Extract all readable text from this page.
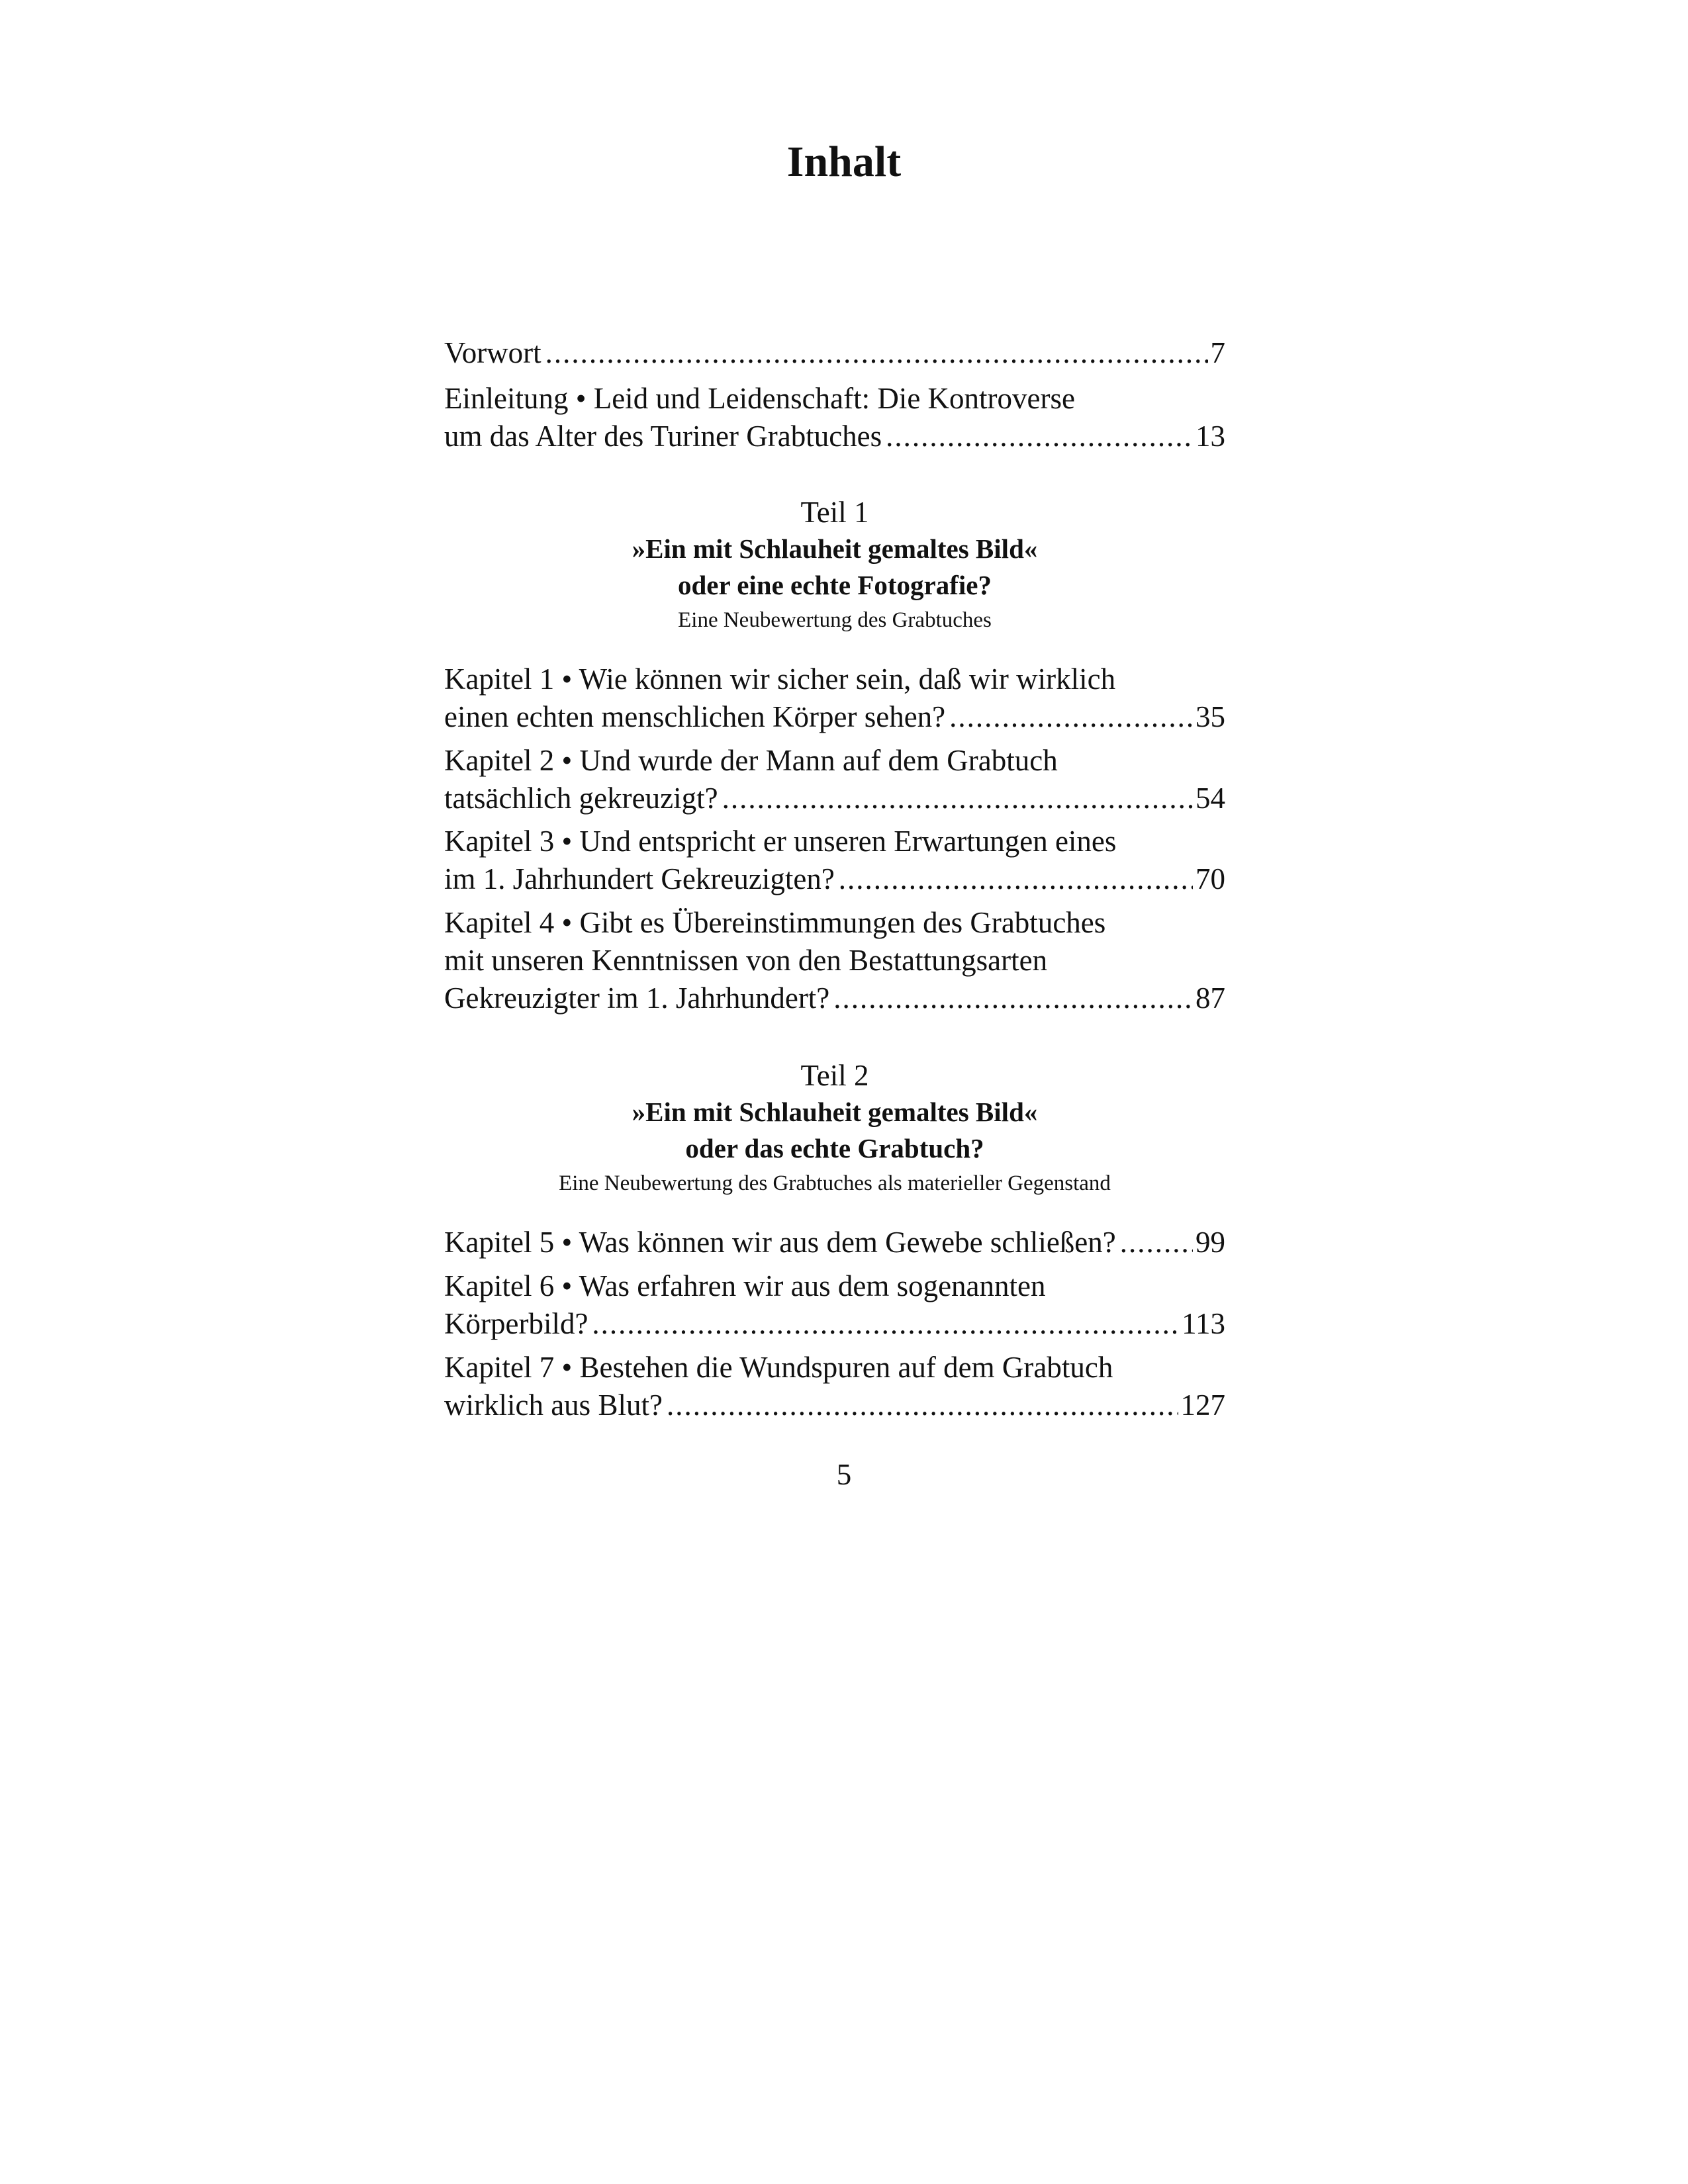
Inhalt
Vorwort .....	7
Einleitung • Leid und Leidenschaft: Die Kontroverse
um das Alter des Turiner Grabtuches .....	13
Teil 1
»Ein mit Schlauheit gemaltes Bild«
oder eine echte Fotografie?
Eine Neubewertung des Grabtuches
Kapitel 1 • Wie können wir sicher sein, daß wir wirklich
einen echten menschlichen Körper sehen? .....	35
Kapitel 2 • Und wurde der Mann auf dem Grabtuch
tatsächlich gekreuzigt? .....	54
Kapitel 3 • Und entspricht er unseren Erwartungen eines
im 1. Jahrhundert Gekreuzigten? .....	70
Kapitel 4 • Gibt es Übereinstimmungen des Grabtuches
mit unseren Kenntnissen von den Bestattungsarten
Gekreuzigter im 1. Jahrhundert? .....	87
Teil 2
»Ein mit Schlauheit gemaltes Bild«
oder das echte Grabtuch?
Eine Neubewertung des Grabtuches als materieller Gegenstand
Kapitel 5 • Was können wir aus dem Gewebe schließen? .....	99
Kapitel 6 • Was erfahren wir aus dem sogenannten
Körperbild? .....	113
Kapitel 7 • Bestehen die Wundspuren auf dem Grabtuch
wirklich aus Blut? .....	127
5
